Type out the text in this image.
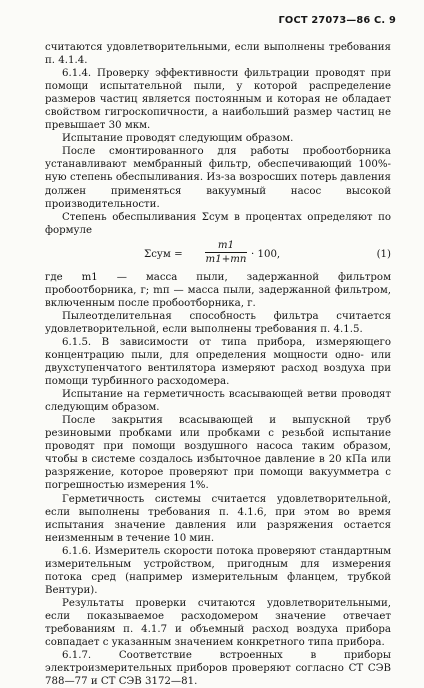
ГОСТ 27073—86 С. 9

считаются удовлетворительными, если выполнены требования п. 4.1.4.

6.1.4. Проверку эффективности фильтрации проводят при помощи испытательной пыли, у которой распределение размеров частиц является постоянным и которая не обладает свойством гигроскопичности, а наибольший размер частиц не превышает 30 мкм.

Испытание проводят следующим образом.

После смонтированного для работы пробоотборника устанавливают мембранный фильтр, обеспечивающий 100%-ную степень обеспыливания. Из-за возросших потерь давления должен применяться вакуумный насос высокой производительности.

Степень обеспыливания Σсум в процентах определяют по формуле

Σсум =
m1
m1+mп · 100,	(1)

где m1 — масса пыли, задержанной фильтром пробоотборника, г; mп — масса пыли, задержанной фильтром, включенным после пробоотборника, г.

Пылеотделительная способность фильтра считается удовлетворительной, если выполнены требования п. 4.1.5.

6.1.5. В зависимости от типа прибора, измеряющего концентрацию пыли, для определения мощности одно- или двухступенчатого вентилятора измеряют расход воздуха при помощи турбинного расходомера.

Испытание на герметичность всасывающей ветви проводят следующим образом.

После закрытия всасывающей и выпускной труб резиновыми пробками или пробками с резьбой испытание проводят при помощи воздушного насоса таким образом, чтобы в системе создалось избыточное давление в 20 кПа или разряжение, которое проверяют при помощи вакуумметра с погрешностью измерения 1%.

Герметичность системы считается удовлетворительной, если выполнены требования п. 4.1.6, при этом во время испытания значение давления или разряжения остается неизменным в течение 10 мин.

6.1.6. Измеритель скорости потока проверяют стандартным измерительным устройством, пригодным для измерения потока сред (например измерительным фланцем, трубкой Вентури).

Результаты проверки считаются удовлетворительными, если показываемое расходомером значение отвечает требованиям п. 4.1.7 и объемный расход воздуха прибора совпадает с указанным значением конкретного типа прибора.

6.1.7. Соответствие встроенных в приборы электроизмерительных приборов проверяют согласно СТ СЭВ 788—77 и СТ СЭВ 3172—81.
